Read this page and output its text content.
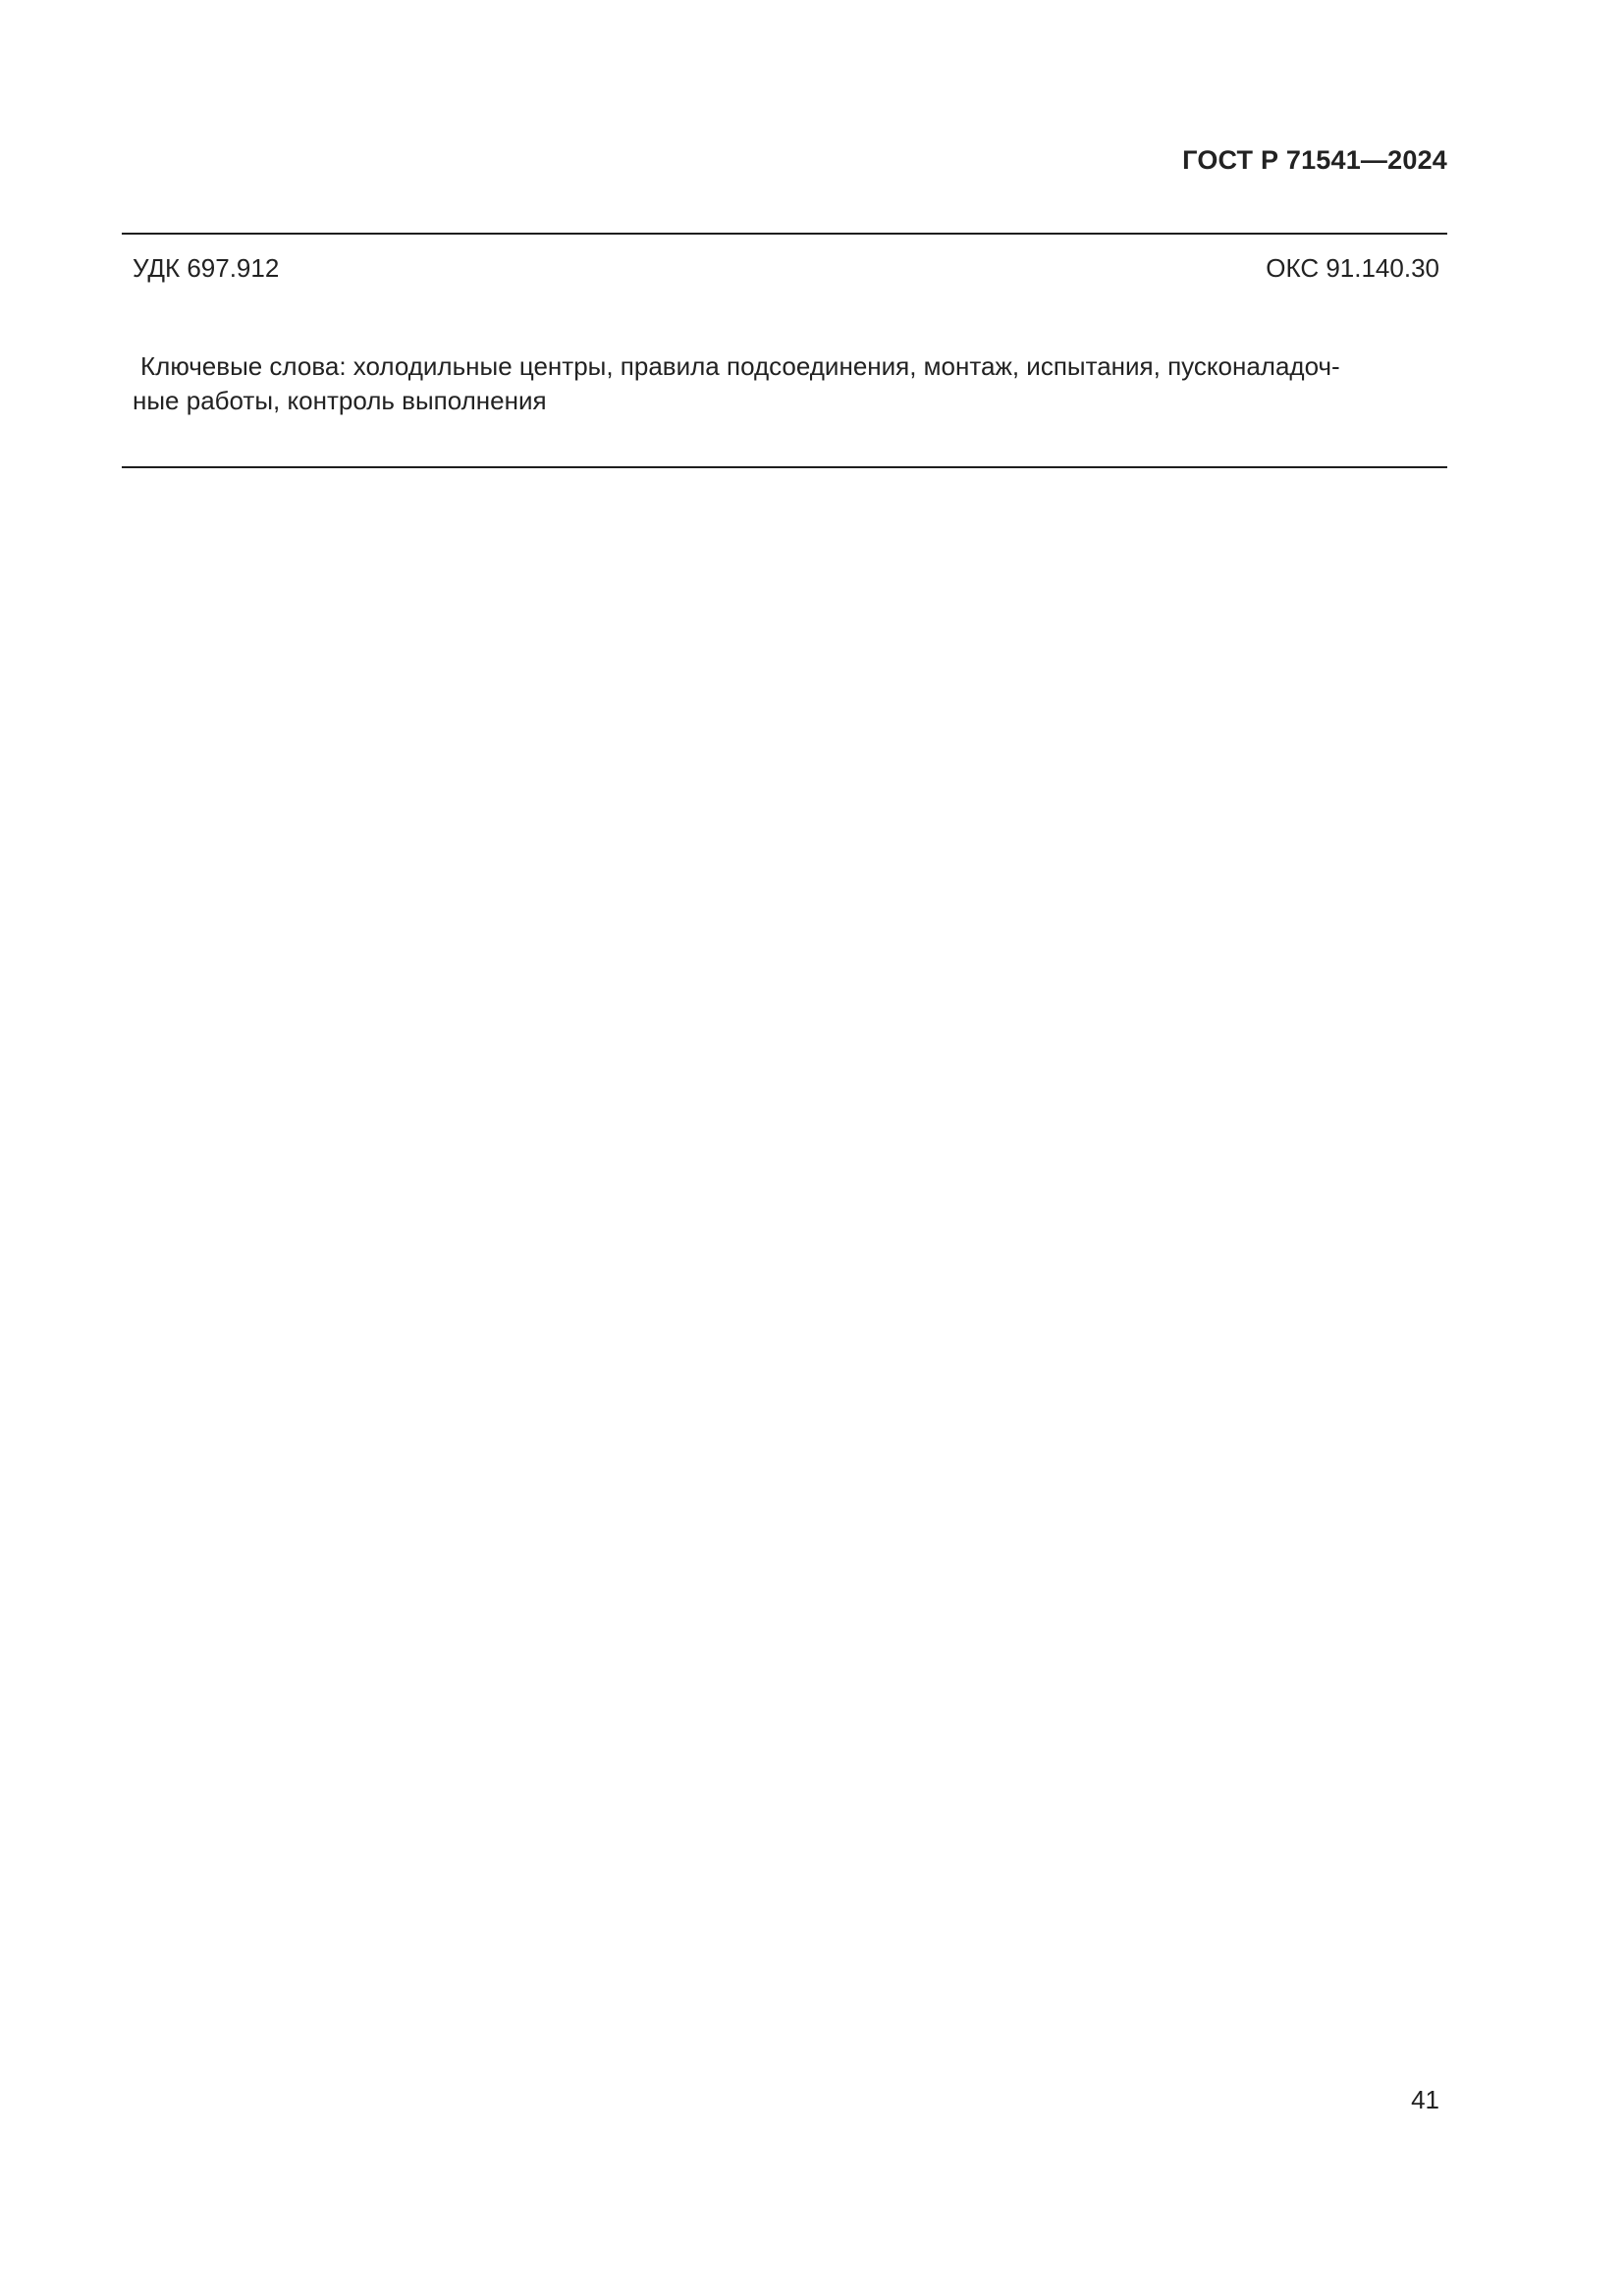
ГОСТ Р 71541—2024
УДК 697.912	ОКС 91.140.30
Ключевые слова: холодильные центры, правила подсоединения, монтаж, испытания, пусконаладоч-
ные работы, контроль выполнения
41
